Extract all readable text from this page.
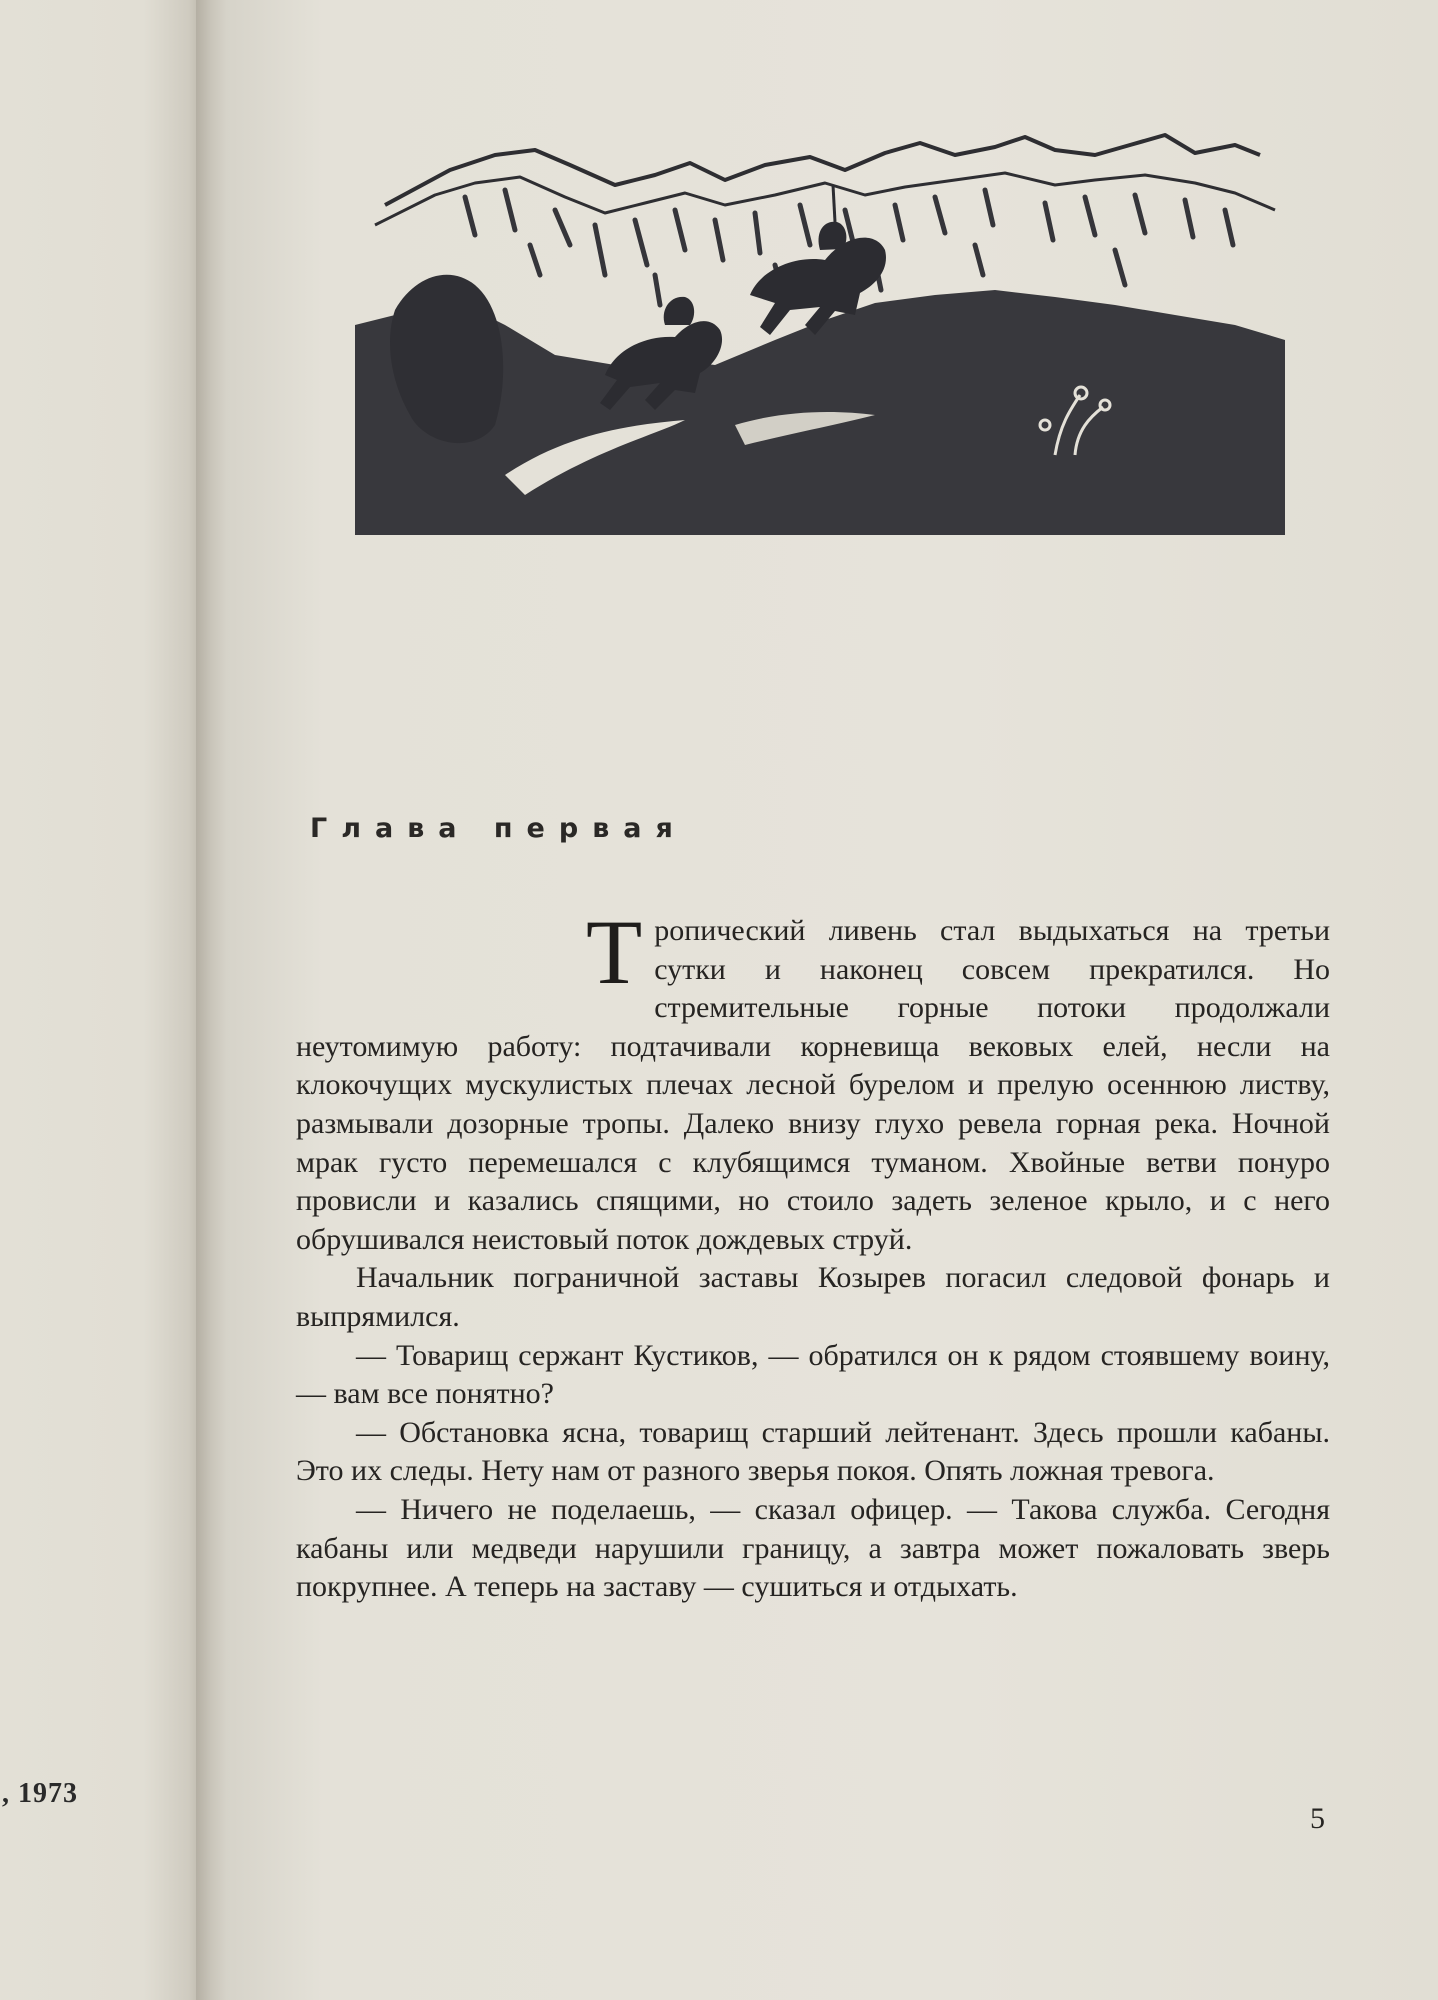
, 1973
Глава первая

Тропический ливень стал выдыхаться на третьи сутки и наконец совсем прекратился. Но стремительные горные потоки продолжали неутомимую работу: подтачивали корневища вековых елей, несли на клокочущих мускулистых плечах лесной бурелом и прелую осеннюю листву, размывали дозорные тропы. Далеко внизу глухо ревела горная река. Ночной мрак густо перемешался с клубящимся туманом. Хвойные ветви понуро провисли и казались спящими, но стоило задеть зеленое крыло, и с него обрушивался неистовый поток дождевых струй.

Начальник пограничной заставы Козырев погасил следовой фонарь и выпрямился.

— Товарищ сержант Кустиков, — обратился он к рядом стоявшему воину, — вам все понятно?

— Обстановка ясна, товарищ старший лейтенант. Здесь прошли кабаны. Это их следы. Нету нам от разного зверья покоя. Опять ложная тревога.

— Ничего не поделаешь, — сказал офицер. — Такова служба. Сегодня кабаны или медведи нарушили границу, а завтра может пожаловать зверь покрупнее. А теперь на заставу — сушиться и отдыхать.

5
